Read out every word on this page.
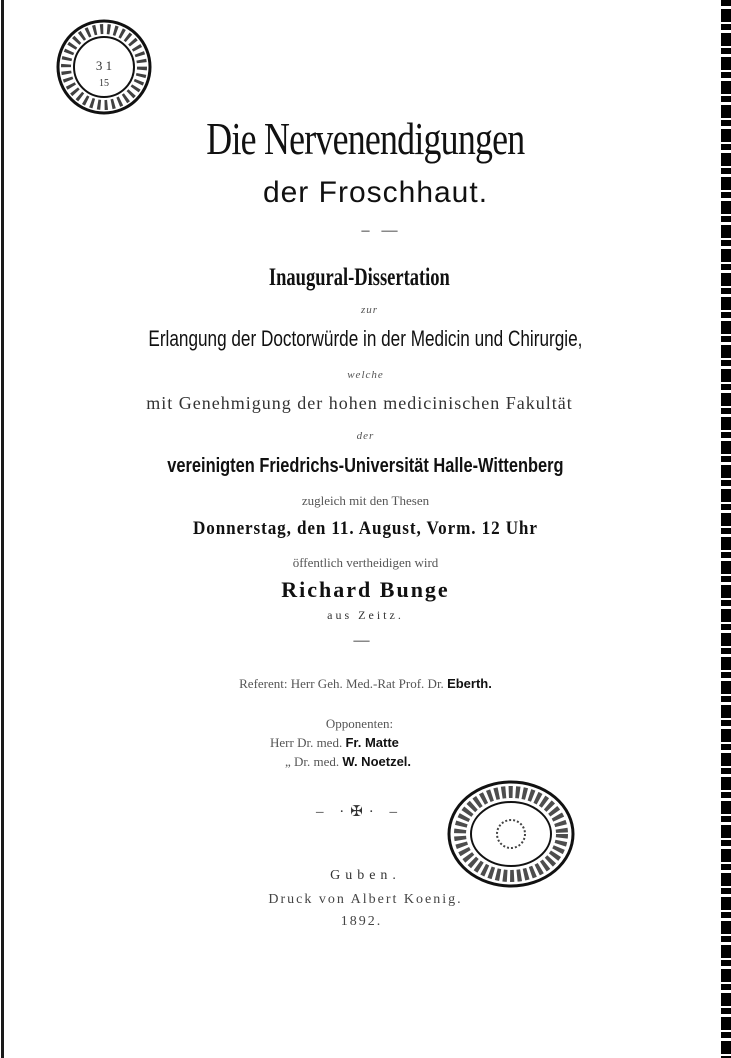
3 1
15
Die Nervenendigungen
der Froschhaut.
– —
Inaugural-Dissertation
zur
Erlangung der Doctorwürde in der Medicin und Chirurgie,
welche
mit Genehmigung der hohen medicinischen Fakultät
der
vereinigten Friedrichs-Universität Halle-Wittenberg
zugleich mit den Thesen
Donnerstag, den 11. August, Vorm. 12 Uhr
öffentlich vertheidigen wird
Richard Bunge
aus Zeitz.
—
Referent: Herr Geh. Med.-Rat Prof. Dr. Eberth.
Opponenten:
Herr Dr. med. Fr. Matte
„ Dr. med. W. Noetzel.
– ·✠· –
Guben.
Druck von Albert Koenig.
1892.
